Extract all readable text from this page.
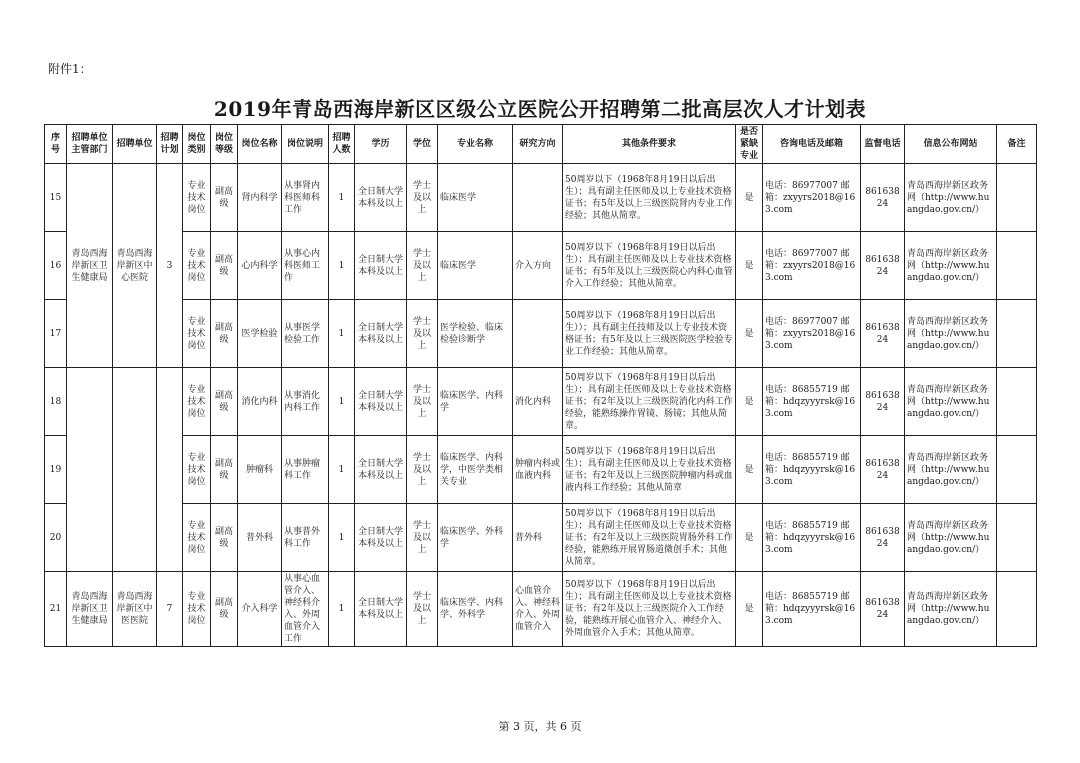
附件1：
2019年青岛西海岸新区区级公立医院公开招聘第二批高层次人才计划表
序号	招聘单位主管部门	招聘单位	招聘计划	岗位类别	岗位等级	岗位名称	岗位说明	招聘人数	学历	学位	专业名称	研究方向	其他条件要求	是否紧缺专业	咨询电话及邮箱	监督电话	信息公布网站	备注
15	青岛西海岸新区卫生健康局	青岛西海岸新区中心医院	3	专业技术岗位	副高级	肾内科学	从事肾内科医师科工作	1	全日制大学本科及以上	学士及以上	临床医学		50周岁以下（1968年8月19日以后出生）；具有副主任医师及以上专业技术资格证书；有5年及以上三级医院肾内专业工作经验；其他从简章。	是	电话：86977007 邮箱：zxyyrs2018@163.com	86163824	青岛西海岸新区政务网（http://www.huangdao.gov.cn/）	
16				专业技术岗位	副高级	心内科学	从事心内科医师工作	1	全日制大学本科及以上	学士及以上	临床医学	介入方向	50周岁以下（1968年8月19日以后出生）；具有副主任医师及以上专业技术资格证书；有5年及以上三级医院心内科心血管介入工作经验；其他从简章。	是	电话：86977007 邮箱：zxyyrs2018@163.com	86163824	青岛西海岸新区政务网（http://www.huangdao.gov.cn/）	
17				专业技术岗位	副高级	医学检验	从事医学检验工作	1	全日制大学本科及以上	学士及以上	医学检验、临床检验诊断学		50周岁以下（1968年8月19日以后出生））；具有副主任技师及以上专业技术资格证书；有5年及以上三级医院医学检验专业工作经验；其他从简章。	是	电话：86977007 邮箱：zxyyrs2018@163.com	86163824	青岛西海岸新区政务网（http://www.huangdao.gov.cn/）	
18				专业技术岗位	副高级	消化内科	从事消化内科工作	1	全日制大学本科及以上	学士及以上	临床医学、内科学	消化内科	50周岁以下（1968年8月19日以后出生）；具有副主任医师及以上专业技术资格证书；有2年及以上三级医院消化内科工作经验，能熟练操作胃镜、肠镜；其他从简章。	是	电话：86855719 邮箱：hdqzyyyrsk@163.com	86163824	青岛西海岸新区政务网（http://www.huangdao.gov.cn/）	
19				专业技术岗位	副高级	肿瘤科	从事肿瘤科工作	1	全日制大学本科及以上	学士及以上	临床医学、内科学，中医学类相关专业	肿瘤内科或血液内科	50周岁以下（1968年8月19日以后出生）；具有副主任医师及以上专业技术资格证书；有2年及以上三级医院肿瘤内科或血液内科工作经验；其他从简章	是	电话：86855719 邮箱：hdqzyyyrsk@163.com	86163824	青岛西海岸新区政务网（http://www.huangdao.gov.cn/）	
20				专业技术岗位	副高级	普外科	从事普外科工作	1	全日制大学本科及以上	学士及以上	临床医学、外科学	普外科	50周岁以下（1968年8月19日以后出生）；具有副主任医师及以上专业技术资格证书；有2年及以上三级医院胃肠外科工作经验，能熟练开展胃肠道微创手术；其他从简章。	是	电话：86855719 邮箱：hdqzyyyrsk@163.com	86163824	青岛西海岸新区政务网（http://www.huangdao.gov.cn/）	
21	青岛西海岸新区卫生健康局	青岛西海岸新区中医医院	7	专业技术岗位	副高级	介入科学	从事心血管介入、神经科介入、外周血管介入工作	1	全日制大学本科及以上	学士及以上	临床医学、内科学、外科学	心血管介入、神经科介入、外周血管介入	50周岁以下（1968年8月19日以后出生）；具有副主任医师及以上专业技术资格证书；有2年及以上三级医院介入工作经验，能熟练开展心血管介入、神经介入、外周血管介入手术；其他从简章。	是	电话：86855719 邮箱：hdqzyyyrsk@163.com	86163824	青岛西海岸新区政务网（http://www.huangdao.gov.cn/）	
第 3 页，共 6 页
